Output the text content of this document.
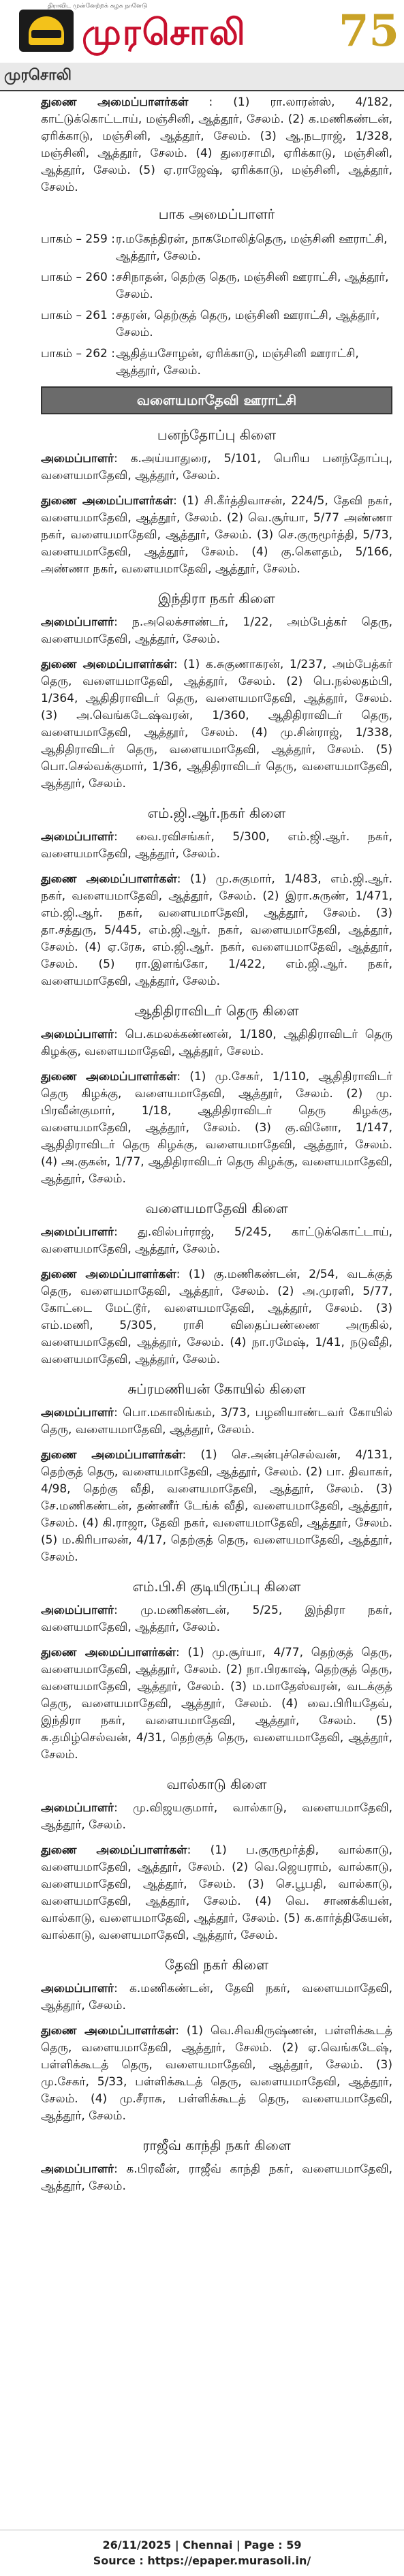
திராவிட முன்னேற்றக் கழக நாளேடு
முரசொலி	75
முரசொலி

துணை அமைப்பாளர்கள் : (1) ரா.லாரன்ஸ், 4/182, காட்டுக்கொட்டாய், மஞ்சினி, ஆத்தூர், சேலம். (2) க.மணிகண்டன், ஏரிக்காடு, மஞ்சினி, ஆத்தூர், சேலம். (3) ஆ.நடராஜ், 1/328, மஞ்சினி, ஆத்தூர், சேலம். (4) துரைசாமி, ஏரிக்காடு, மஞ்சினி, ஆத்தூர், சேலம். (5) ஏ.ராஜேஷ், ஏரிக்காடு, மஞ்சினி, ஆத்தூர், சேலம்.

பாக அமைப்பாளர்
பாகம் – 259 : ர.மகேந்திரன், நாகமோலித்தெரு, மஞ்சினி ஊராட்சி, ஆத்தூர், சேலம்.
பாகம் – 260 : சசிநாதன், தெற்கு தெரு, மஞ்சினி ஊராட்சி, ஆத்தூர், சேலம்.
பாகம் – 261 : சதரன், தெற்குத் தெரு, மஞ்சினி ஊராட்சி, ஆத்தூர், சேலம்.
பாகம் – 262 : ஆதித்யசோழன், ஏரிக்காடு, மஞ்சினி ஊராட்சி, ஆத்தூர், சேலம்.
வளையமாதேவி ஊராட்சி
பனந்தோப்பு கிளை

அமைப்பாளர்: க.அய்யாதுரை, 5/101, பெரிய பனந்தோப்பு, வளையமாதேவி, ஆத்தூர், சேலம்.

துணை அமைப்பாளர்கள்: (1) சி.கீர்த்திவாசன், 224/5, தேவி நகர், வளையமாதேவி, ஆத்தூர், சேலம். (2) வெ.சூர்யா, 5/77 அண்ணா நகர், வளையமாதேவி, ஆத்தூர், சேலம். (3) செ.குருமூர்த்தி, 5/73, வளையமாதேவி, ஆத்தூர், சேலம். (4) கு.கௌதம், 5/166, அண்ணா நகர், வளையமாதேவி, ஆத்தூர், சேலம்.

இந்திரா நகர் கிளை

அமைப்பாளர்: ந.அலெக்சாண்டர், 1/22, அம்பேத்கர் தெரு, வளையமாதேவி, ஆத்தூர், சேலம்.

துணை அமைப்பாளர்கள்: (1) க.சுகுணாகரன், 1/237, அம்பேத்கர் தெரு, வளையமாதேவி, ஆத்தூர், சேலம். (2) பெ.நல்லதம்பி, 1/364, ஆதிதிராவிடர் தெரு, வளையமாதேவி, ஆத்தூர், சேலம். (3) அ.வெங்கடேஷ்வரன், 1/360, ஆதிதிராவிடர் தெரு, வளையமாதேவி, ஆத்தூர், சேலம். (4) மு.சின்ராஜ், 1/338, ஆதிதிராவிடர் தெரு, வளையமாதேவி, ஆத்தூர், சேலம். (5) பொ.செல்வக்குமார், 1/36, ஆதிதிராவிடர் தெரு, வளையமாதேவி, ஆத்தூர், சேலம்.

எம்.ஜி.ஆர்.நகர் கிளை

அமைப்பாளர்: வை.ரவிசங்கர், 5/300, எம்.ஜி.ஆர். நகர், வளையமாதேவி, ஆத்தூர், சேலம்.

துணை அமைப்பாளர்கள்: (1) மு.சுகுமார், 1/483, எம்.ஜி.ஆர். நகர், வளையமாதேவி, ஆத்தூர், சேலம். (2) இரா.சுருண், 1/471, எம்.ஜி.ஆர். நகர், வளையமாதேவி, ஆத்தூர், சேலம். (3) தா.சத்துரு, 5/445, எம்.ஜி.ஆர். நகர், வளையமாதேவி, ஆத்தூர், சேலம். (4) ஏ.ரேசு, எம்.ஜி.ஆர். நகர், வளையமாதேவி, ஆத்தூர், சேலம். (5) ரா.இளங்கோ, 1/422, எம்.ஜி.ஆர். நகர், வளையமாதேவி, ஆத்தூர், சேலம்.

ஆதிதிராவிடர் தெரு கிளை

அமைப்பாளர்: பெ.கமலக்கண்ணன், 1/180, ஆதிதிராவிடர் தெரு கிழக்கு, வளையமாதேவி, ஆத்தூர், சேலம்.

துணை அமைப்பாளர்கள்: (1) மு.சேகர், 1/110, ஆதிதிராவிடர் தெரு கிழக்கு, வளையமாதேவி, ஆத்தூர், சேலம். (2) மு. பிரவீன்குமார், 1/18, ஆதிதிராவிடர் தெரு கிழக்கு, வளையமாதேவி, ஆத்தூர், சேலம். (3) கு.வினோ, 1/147, ஆதிதிராவிடர் தெரு கிழக்கு, வளையமாதேவி, ஆத்தூர், சேலம். (4) அ.குகன், 1/77, ஆதிதிராவிடர் தெரு கிழக்கு, வளையமாதேவி, ஆத்தூர், சேலம்.

வளையமாதேவி கிளை

அமைப்பாளர்: து.வில்பர்ராஜ், 5/245, காட்டுக்கொட்டாய், வளையமாதேவி, ஆத்தூர், சேலம்.

துணை அமைப்பாளர்கள்: (1) கு.மணிகண்டன், 2/54, வடக்குத் தெரு, வளையமாதேவி, ஆத்தூர், சேலம். (2) அ.முரளி, 5/77, கோட்டை மேட்டூர், வளையமாதேவி, ஆத்தூர், சேலம். (3) எம்.மணி, 5/305, ராசி விதைப்பண்ணை அருகில், வளையமாதேவி, ஆத்தூர், சேலம். (4) நா.ரமேஷ், 1/41, நடுவீதி, வளையமாதேவி, ஆத்தூர், சேலம்.

சுப்ரமணியன் கோயில் கிளை

அமைப்பாளர்: பொ.மகாலிங்கம், 3/73, பழனியாண்டவர் கோயில் தெரு, வளையமாதேவி, ஆத்தூர், சேலம்.

துணை அமைப்பாளர்கள்: (1) செ.அன்புச்செல்வன், 4/131, தெற்குத் தெரு, வளையமாதேவி, ஆத்தூர், சேலம். (2) பா. திவாகர், 4/98, தெற்கு வீதி, வளையமாதேவி, ஆத்தூர், சேலம். (3) சே.மணிகண்டன், தண்ணீர் டேங்க் வீதி, வளையமாதேவி, ஆத்தூர், சேலம். (4) கி.ராஜா, தேவி நகர், வளையமாதேவி, ஆத்தூர், சேலம். (5) ம.கிரிபாலன், 4/17, தெற்குத் தெரு, வளையமாதேவி, ஆத்தூர், சேலம்.

எம்.பி.சி குடியிருப்பு கிளை

அமைப்பாளர்: மு.மணிகண்டன், 5/25, இந்திரா நகர், வளையமாதேவி, ஆத்தூர், சேலம்.

துணை அமைப்பாளர்கள்: (1) மு.சூர்யா, 4/77, தெற்குத் தெரு, வளையமாதேவி, ஆத்தூர், சேலம். (2) நா.பிரகாஷ், தெற்குத் தெரு, வளையமாதேவி, ஆத்தூர், சேலம். (3) ம.மாதேஸ்வரன், வடக்குத் தெரு, வளையமாதேவி, ஆத்தூர், சேலம். (4) வை.பிரியதேவ், இந்திரா நகர், வளையமாதேவி, ஆத்தூர், சேலம். (5) சு.தமிழ்செல்வன், 4/31, தெற்குத் தெரு, வளையமாதேவி, ஆத்தூர், சேலம்.

வால்காடு கிளை

அமைப்பாளர்: மு.விஜயகுமார், வால்காடு, வளையமாதேவி, ஆத்தூர், சேலம்.

துணை அமைப்பாளர்கள்: (1) ப.குருமூர்த்தி, வால்காடு, வளையமாதேவி, ஆத்தூர், சேலம். (2) வெ.ஜெயராம், வால்காடு, வளையமாதேவி, ஆத்தூர், சேலம். (3) செ.பூபதி, வால்காடு, வளையமாதேவி, ஆத்தூர், சேலம். (4) வெ. சாணக்கியன், வால்காடு, வளையமாதேவி, ஆத்தூர், சேலம். (5) க.கார்த்திகேயன், வால்காடு, வளையமாதேவி, ஆத்தூர், சேலம்.

தேவி நகர் கிளை

அமைப்பாளர்: க.மணிகண்டன், தேவி நகர், வளையமாதேவி, ஆத்தூர், சேலம்.

துணை அமைப்பாளர்கள்: (1) வெ.சிவகிருஷ்ணன், பள்ளிக்கூடத் தெரு, வளையமாதேவி, ஆத்தூர், சேலம். (2) ஏ.வெங்கடேஷ், பள்ளிக்கூடத் தெரு, வளையமாதேவி, ஆத்தூர், சேலம். (3) மு.சேகர், 5/33, பள்ளிக்கூடத் தெரு, வளையமாதேவி, ஆத்தூர், சேலம். (4) மு.சீராசு, பள்ளிக்கூடத் தெரு, வளையமாதேவி, ஆத்தூர், சேலம்.

ராஜீவ் காந்தி நகர் கிளை

அமைப்பாளர்: க.பிரவீன், ராஜீவ் காந்தி நகர், வளையமாதேவி, ஆத்தூர், சேலம்.

26/11/2025 | Chennai | Page : 59
Source : https://epaper.murasoli.in/
